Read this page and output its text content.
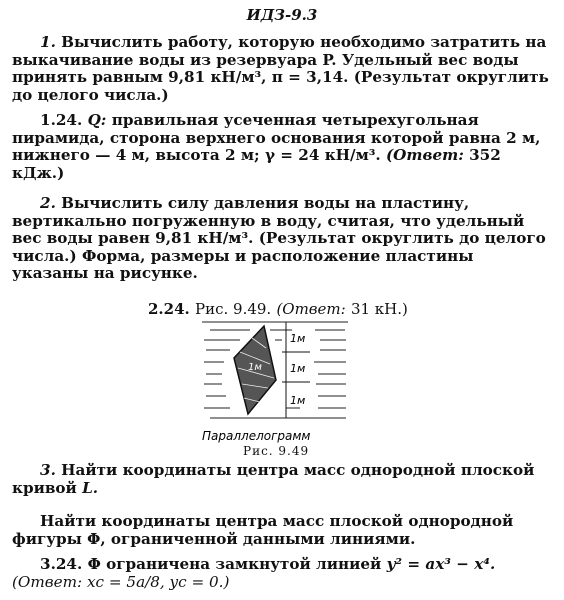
ИДЗ-9.3
1. Вычислить работу, которую необходимо затратить на выкачивание воды из резервуара P. Удельный вес воды принять равным 9,81 кН/м³, π = 3,14. (Результат округлить до целого числа.)
1.24. Q: правильная усеченная четырехугольная пирамида, сторона верхнего основания которой равна 2 м, нижнего — 4 м, высота 2 м; γ = 24 кН/м³. (Ответ: 352 кДж.)
2. Вычислить силу давления воды на пластину, вертикально погруженную в воду, считая, что удельный вес воды равен 9,81 кН/м³. (Результат округлить до целого числа.) Форма, размеры и расположение пластины указаны на рисунке.
2.24. Рис. 9.49. (Ответ: 31 кН.)
1м
1м
1м
1м
Параллелограмм
Рис. 9.49
3. Найти координаты центра масс однородной плоской кривой L.
Найти координаты центра масс плоской однородной фигуры Φ, ограниченной данными линиями.
3.24. Φ ограничена замкнутой линией y² = ax³ − x⁴. (Ответ: xc = 5a/8, yc = 0.)
